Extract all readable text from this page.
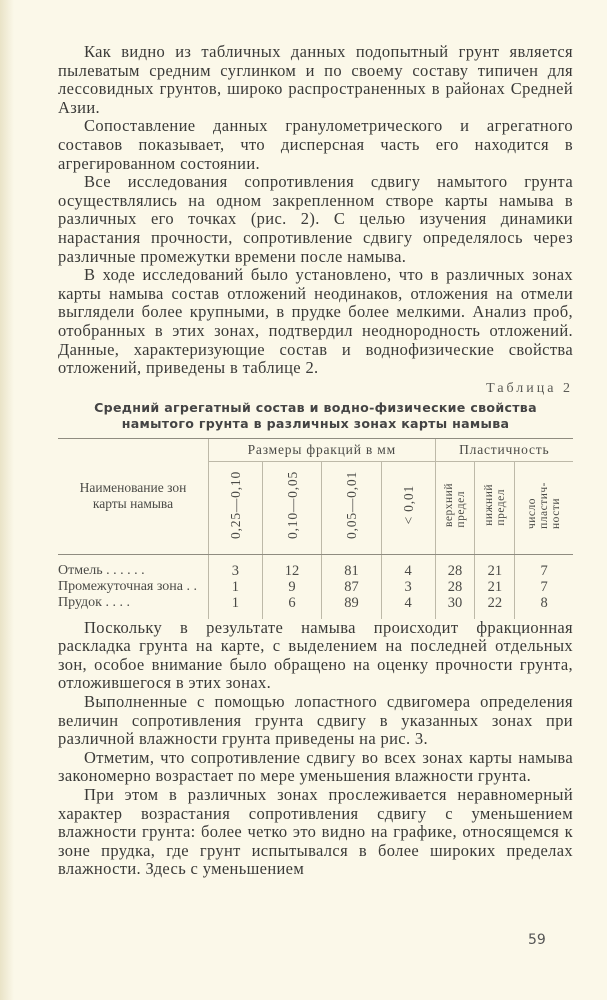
Как видно из табличных данных подопытный грунт является пылеватым средним суглинком и по своему составу типичен для лессовидных грунтов, широко распространенных в районах Средней Азии.

Сопоставление данных гранулометрического и агрегатного составов показывает, что дисперсная часть его находится в агрегированном состоянии.

Все исследования сопротивления сдвигу намытого грунта осуществлялись на одном закрепленном створе карты намыва в различных его точках (рис. 2). С целью изучения динамики нарастания прочности, сопротивление сдвигу определялось через различные промежутки времени после намыва.

В ходе исследований было установлено, что в различных зонах карты намыва состав отложений неодинаков, отложения на отмели выглядели более крупными, в прудке более мелкими. Анализ проб, отобранных в этих зонах, подтвердил неоднородность отложений. Данные, характеризующие состав и воднофизические свойства отложений, приведены в таблице 2.

Таблица 2
Средний агрегатный состав и водно-физические свойства
намытого грунта в различных зонах карты намыва
Наименование зон
карты намыва	Размеры фракций в мм				Пластичность		
	0,25—0,10	0,10—0,05	0,05—0,01	< 0,01	верхнийпредел	нижнийпредел	числопластич-ности

Отмель . . . . . .	3	12	81	4	28	21	7
Промежуточная зона . .	1	9	87	3	28	21	7
Прудок . . . .	1	6	89	4	30	22	8

Поскольку в результате намыва происходит фракционная раскладка грунта на карте, с выделением на последней отдельных зон, особое внимание было обращено на оценку прочности грунта, отложившегося в этих зонах.

Выполненные с помощью лопастного сдвигомера определения величин сопротивления грунта сдвигу в указанных зонах при различной влажности грунта приведены на рис. 3.

Отметим, что сопротивление сдвигу во всех зонах карты намыва закономерно возрастает по мере уменьшения влажности грунта.

При этом в различных зонах прослеживается неравномерный характер возрастания сопротивления сдвигу с уменьшением влажности грунта: более четко это видно на графике, относящемся к зоне прудка, где грунт испытывался в более широких пределах влажности. Здесь с уменьшением

59
